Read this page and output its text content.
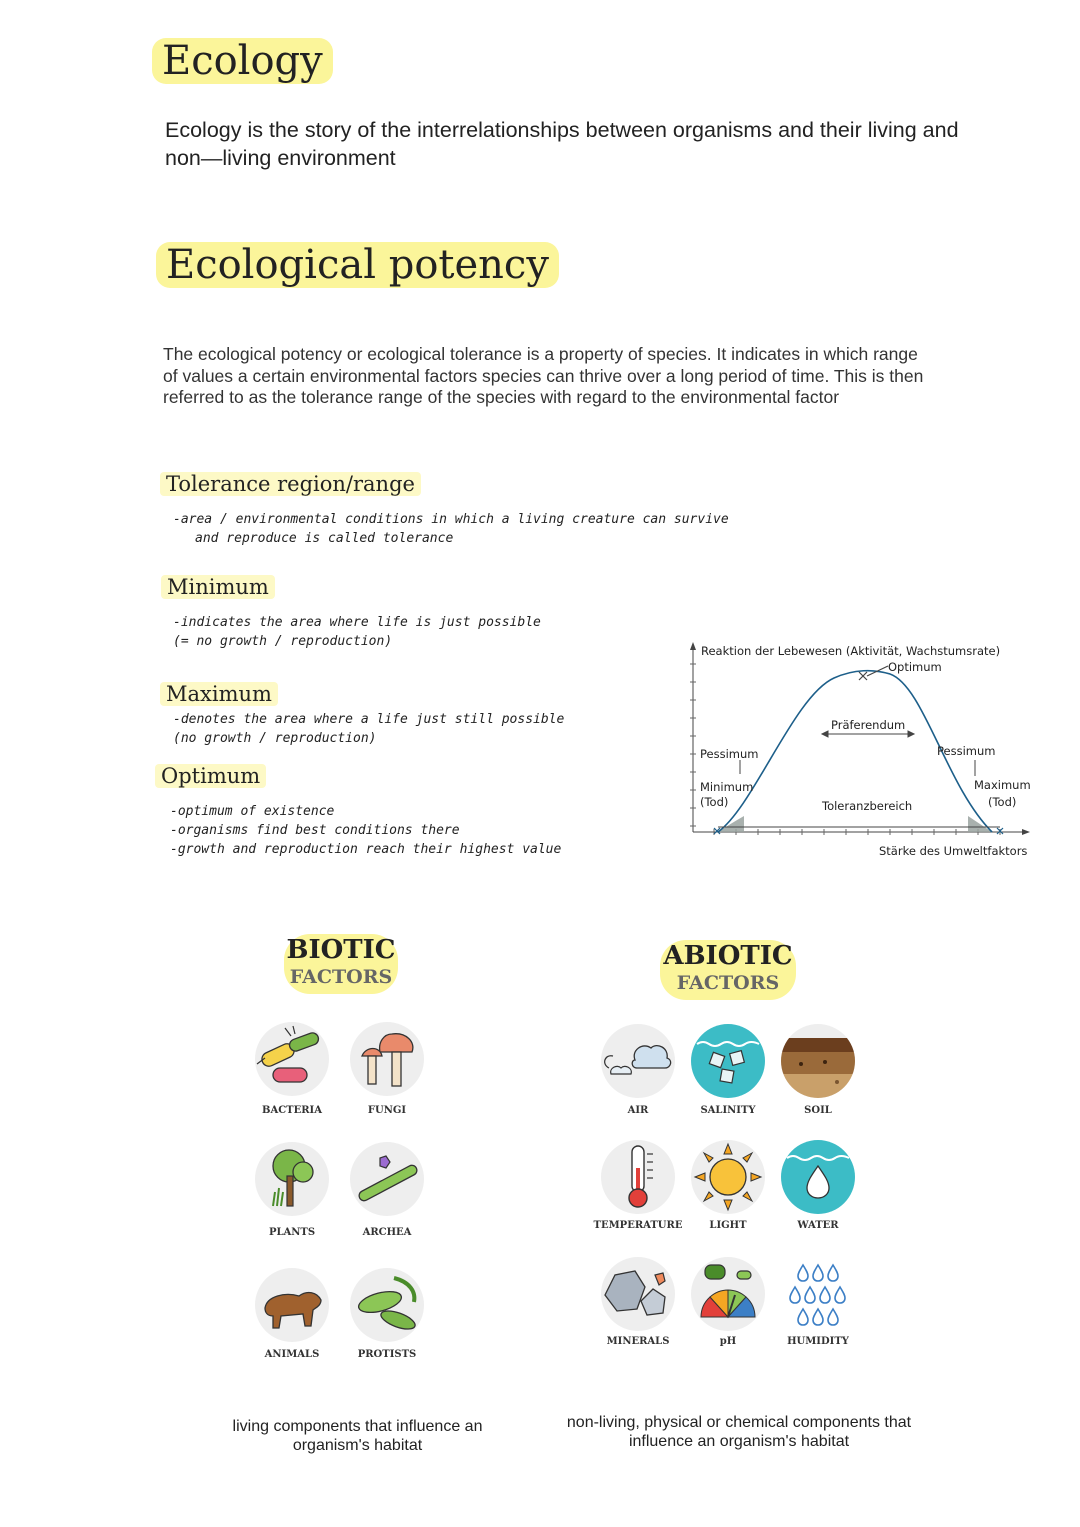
Ecology
Ecology is the story of the interrelationships between organisms and their living and
non—living environment
Ecological potency
The ecological potency or ecological tolerance is a property of species. It indicates in which range
of values a certain environmental factors species can thrive over a long period of time. This is then
referred to as the tolerance range of the species with regard to the environmental factor
Tolerance region/range
-area / environmental conditions in which a living creature can survive
and reproduce is called tolerance
Minimum
-indicates the area where life is just possible
(= no growth / reproduction)
Maximum
-denotes the area where a life just still possible
(no growth / reproduction)
Optimum
-optimum of existence
-organisms find best conditions there
-growth and reproduction reach their highest value
Reaktion der Lebewesen (Aktivität, Wachstumsrate)
Optimum
Präferendum
Pessimum	Pessimum
Minimum
(Tod)
Maximum
(Tod)
Toleranzbereich
Stärke des Umweltfaktors
BIOTIC
FACTORS
BACTERIA	FUNGI
PLANTS	ARCHEA
ANIMALS	PROTISTS
living components that influence an
organism's habitat
ABIOTIC
FACTORS
AIR	SALINITY	SOIL
TEMPERATURE	LIGHT	WATER
MINERALS	pH	HUMIDITY
non-living, physical or chemical components that
influence an organism's habitat
